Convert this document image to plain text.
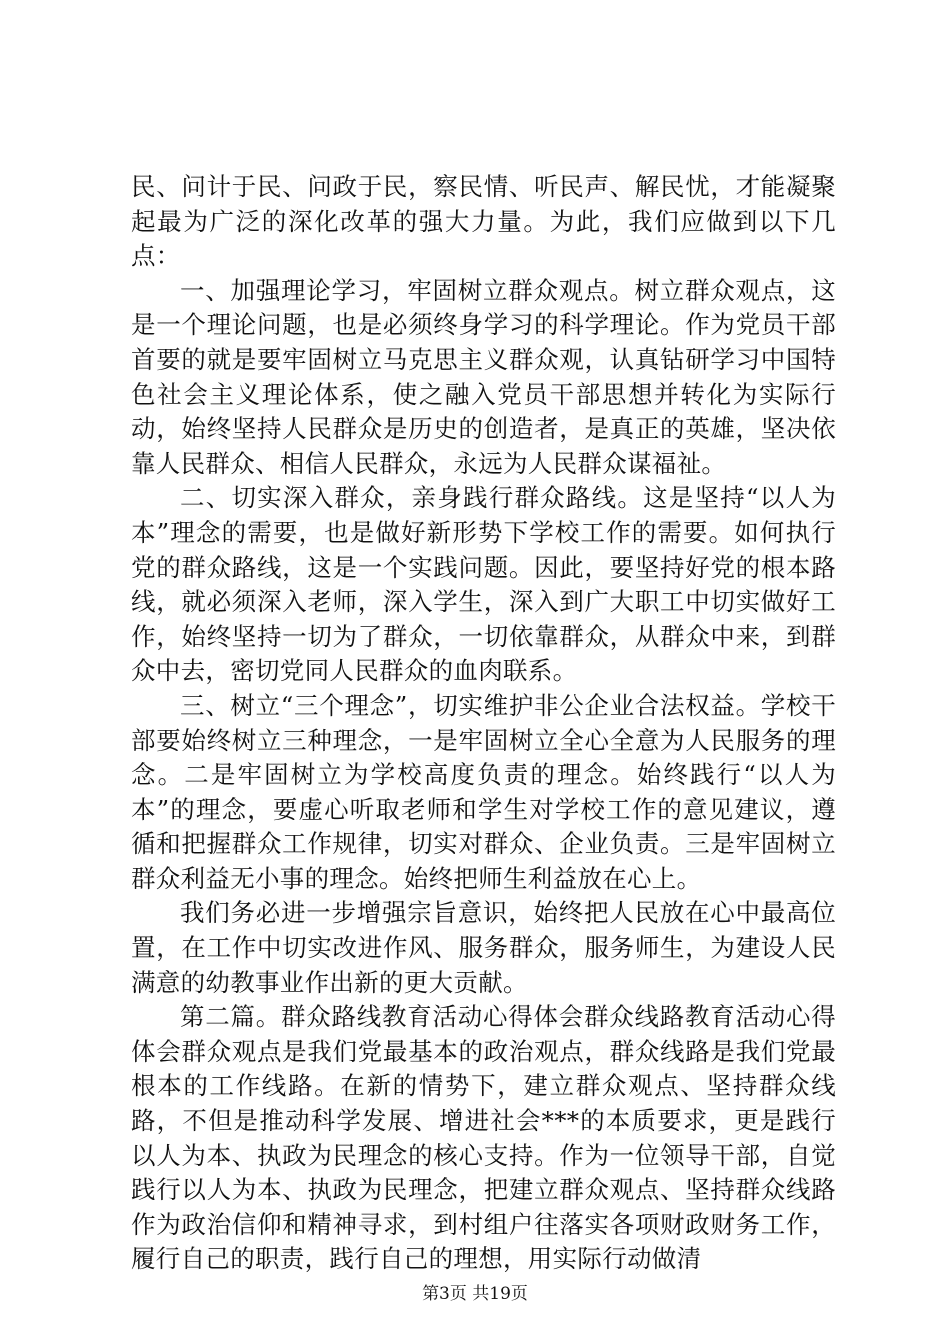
民、问计于民、问政于民，察民情、听民声、解民忧，才能凝聚起最为广泛的深化改革的强大力量。为此，我们应做到以下几点：

一、加强理论学习，牢固树立群众观点。树立群众观点，这是一个理论问题，也是必须终身学习的科学理论。作为党员干部首要的就是要牢固树立马克思主义群众观，认真钻研学习中国特色社会主义理论体系，使之融入党员干部思想并转化为实际行动，始终坚持人民群众是历史的创造者，是真正的英雄，坚决依靠人民群众、相信人民群众，永远为人民群众谋福祉。

二、切实深入群众，亲身践行群众路线。这是坚持“以人为本”理念的需要，也是做好新形势下学校工作的需要。如何执行党的群众路线，这是一个实践问题。因此，要坚持好党的根本路线，就必须深入老师，深入学生，深入到广大职工中切实做好工作，始终坚持一切为了群众，一切依靠群众，从群众中来，到群众中去，密切党同人民群众的血肉联系。

三、树立“三个理念”，切实维护非公企业合法权益。学校干部要始终树立三种理念，一是牢固树立全心全意为人民服务的理念。二是牢固树立为学校高度负责的理念。始终践行“以人为本”的理念，要虚心听取老师和学生对学校工作的意见建议，遵循和把握群众工作规律，切实对群众、企业负责。三是牢固树立群众利益无小事的理念。始终把师生利益放在心上。

我们务必进一步增强宗旨意识，始终把人民放在心中最高位置，在工作中切实改进作风、服务群众，服务师生，为建设人民满意的幼教事业作出新的更大贡献。

第二篇。群众路线教育活动心得体会群众线路教育活动心得体会群众观点是我们党最基本的政治观点，群众线路是我们党最根本的工作线路。在新的情势下，建立群众观点、坚持群众线路，不但是推动科学发展、增进社会***的本质要求，更是践行以人为本、执政为民理念的核心支持。作为一位领导干部，自觉践行以人为本、执政为民理念，把建立群众观点、坚持群众线路作为政治信仰和精神寻求，到村组户往落实各项财政财务工作，履行自己的职责，践行自己的理想，用实际行动做清

第3页 共19页
